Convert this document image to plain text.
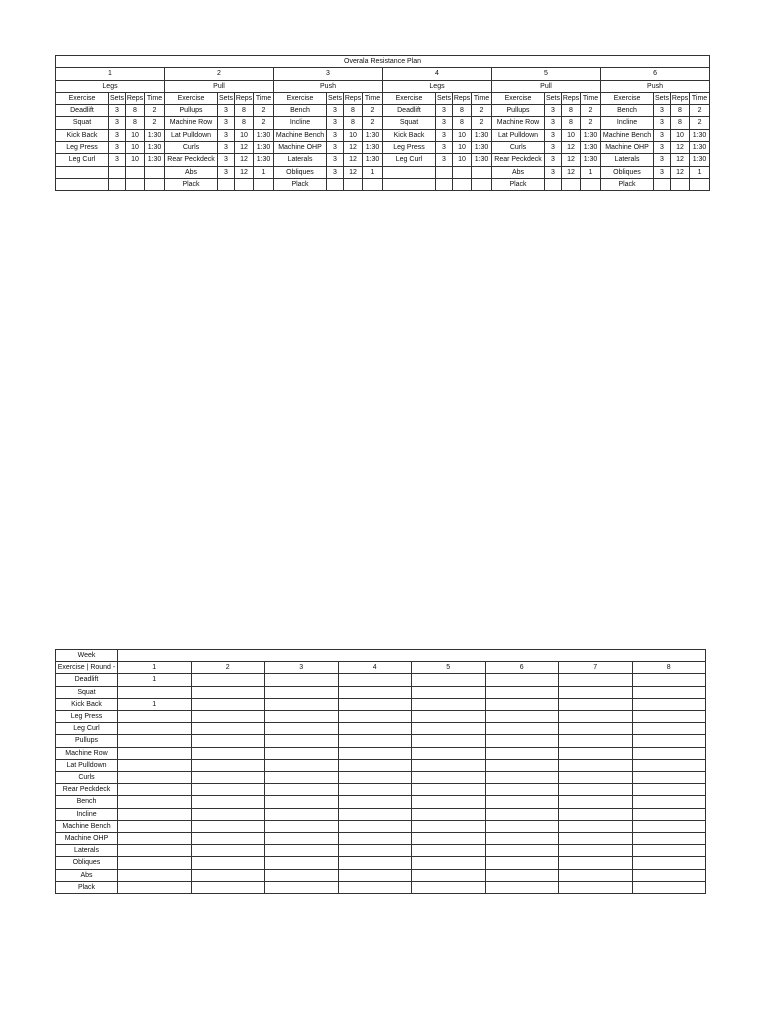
Overala Resistance Plan																							
1				2				3				4				5				6			
Legs				Pull				Push				Legs				Pull				Push			
Exercise	Sets	Reps	Time	Exercise	Sets	Reps	Time	Exercise	Sets	Reps	Time	Exercise	Sets	Reps	Time	Exercise	Sets	Reps	Time	Exercise	Sets	Reps	Time
Deadlift	3	8	2	Pullups	3	8	2	Bench	3	8	2	Deadlift	3	8	2	Pullups	3	8	2	Bench	3	8	2
Squat	3	8	2	Machine Row	3	8	2	Incline	3	8	2	Squat	3	8	2	Machine Row	3	8	2	Incline	3	8	2
Kick Back	3	10	1:30	Lat Pulldown	3	10	1:30	Machine Bench	3	10	1:30	Kick Back	3	10	1:30	Lat Pulldown	3	10	1:30	Machine Bench	3	10	1:30
Leg Press	3	10	1:30	Curls	3	12	1:30	Machine OHP	3	12	1:30	Leg Press	3	10	1:30	Curls	3	12	1:30	Machine OHP	3	12	1:30
Leg Curl	3	10	1:30	Rear Peckdeck	3	12	1:30	Laterals	3	12	1:30	Leg Curl	3	10	1:30	Rear Peckdeck	3	12	1:30	Laterals	3	12	1:30
				Abs	3	12	1	Obliques	3	12	1					Abs	3	12	1	Obliques	3	12	1
				Plack				Plack								Plack				Plack			
Week								
Exercise | Round -	1	2	3	4	5	6	7	8
Deadlift	1							
Squat								
Kick Back	1							
Leg Press								
Leg Curl								
Pullups								
Machine Row								
Lat Pulldown								
Curls								
Rear Peckdeck								
Bench								
Incline								
Machine Bench								
Machine OHP								
Laterals								
Obliques								
Abs								
Plack								
